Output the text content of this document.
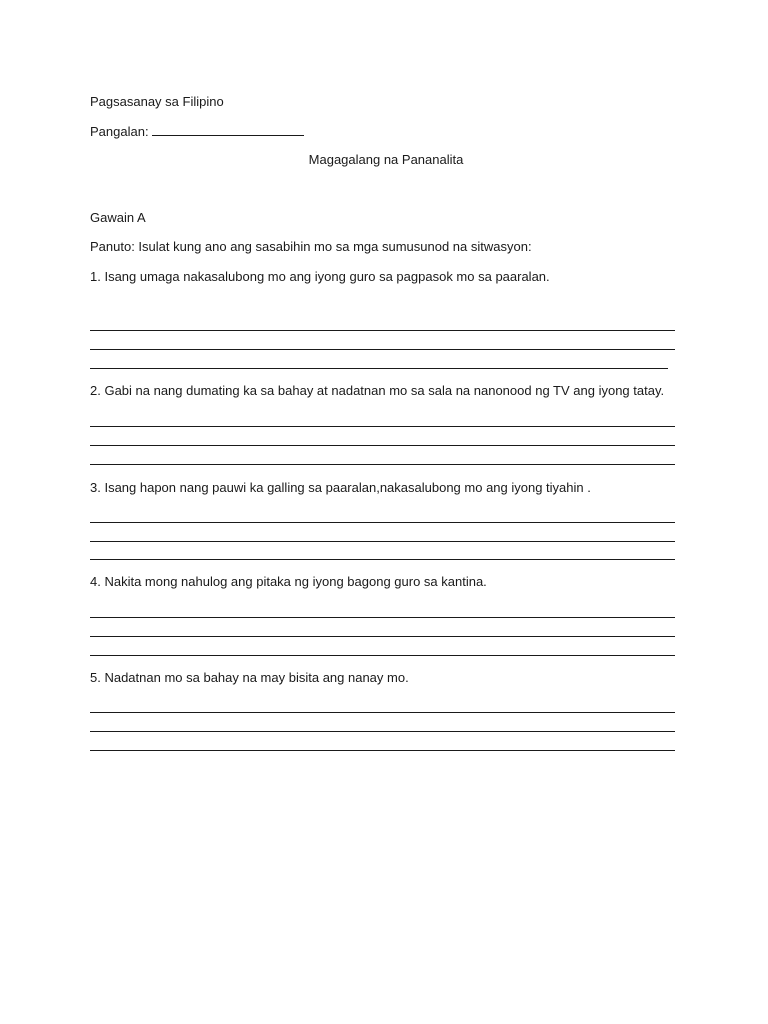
Pagsasanay sa Filipino
Pangalan:
Magagalang na Pananalita
Gawain A
Panuto: Isulat kung ano ang sasabihin mo sa mga sumusunod na sitwasyon:
1. Isang umaga nakasalubong mo ang iyong guro sa pagpasok mo sa paaralan.
2. Gabi na nang dumating ka sa bahay at nadatnan mo sa sala na nanonood ng TV ang iyong tatay.
3. Isang hapon nang pauwi ka galling sa paaralan,nakasalubong mo ang iyong tiyahin .
4. Nakita mong nahulog ang pitaka ng iyong bagong guro sa kantina.
5. Nadatnan mo sa bahay na may bisita ang nanay mo.
